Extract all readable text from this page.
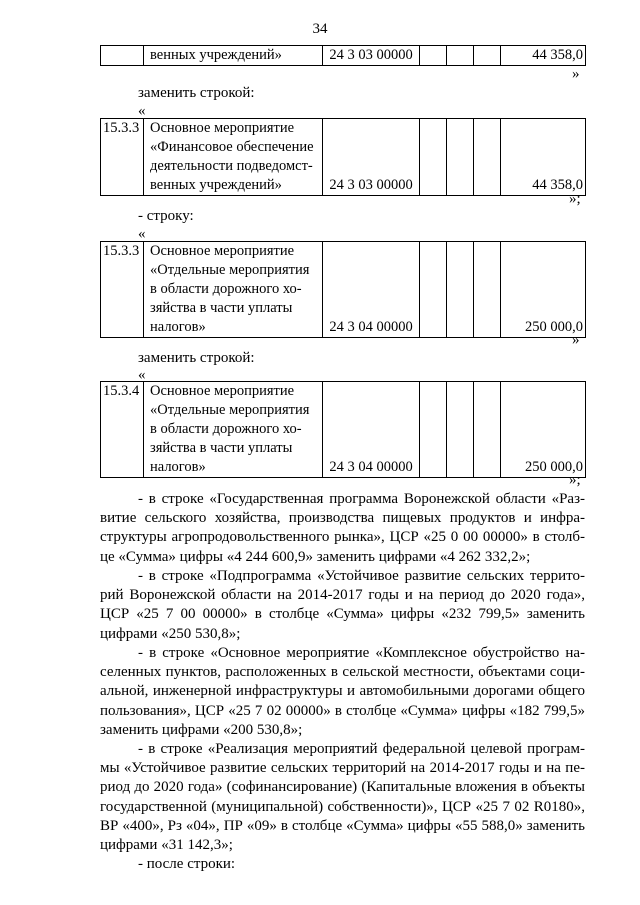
34

венных учреждений»	24 3 03 00000				44 358,0
»
заменить строкой:
«
15.3.3	Основное мероприятие
«Финансовое обеспечение
деятельности подведомст-
венных учреждений»	24 3 03 00000				44 358,0
»;
- строку:
«
15.3.3	Основное мероприятие
«Отдельные мероприятия
в области дорожного хо-
зяйства в части уплаты
налогов»	24 3 04 00000				250 000,0
»
заменить строкой:
«
15.3.4	Основное мероприятие
«Отдельные мероприятия
в области дорожного хо-
зяйства в части уплаты
налогов»	24 3 04 00000				250 000,0
»;
- в строке «Государственная программа Воронежской области «Раз-
витие сельского хозяйства, производства пищевых продуктов и инфра-
структуры агропродовольственного рынка», ЦСР «25 0 00 00000» в столб-
це «Сумма» цифры «4 244 600,9» заменить цифрами «4 262 332,2»;
- в строке «Подпрограмма «Устойчивое развитие сельских террито-
рий Воронежской области на 2014-2017 годы и на период до 2020 года»,
ЦСР «25 7 00 00000» в столбце «Сумма» цифры «232 799,5» заменить
цифрами «250 530,8»;
- в строке «Основное мероприятие «Комплексное обустройство на-
селенных пунктов, расположенных в сельской местности, объектами соци-
альной, инженерной инфраструктуры и автомобильными дорогами общего
пользования», ЦСР «25 7 02 00000» в столбце «Сумма» цифры «182 799,5»
заменить цифрами «200 530,8»;
- в строке «Реализация мероприятий федеральной целевой програм-
мы «Устойчивое развитие сельских территорий на 2014-2017 годы и на пе-
риод до 2020 года» (софинансирование) (Капитальные вложения в объекты
государственной (муниципальной) собственности)», ЦСР «25 7 02 R0180»,
ВР «400», Рз «04», ПР «09» в столбце «Сумма» цифры «55 588,0» заменить
цифрами «31 142,3»;
- после строки:
